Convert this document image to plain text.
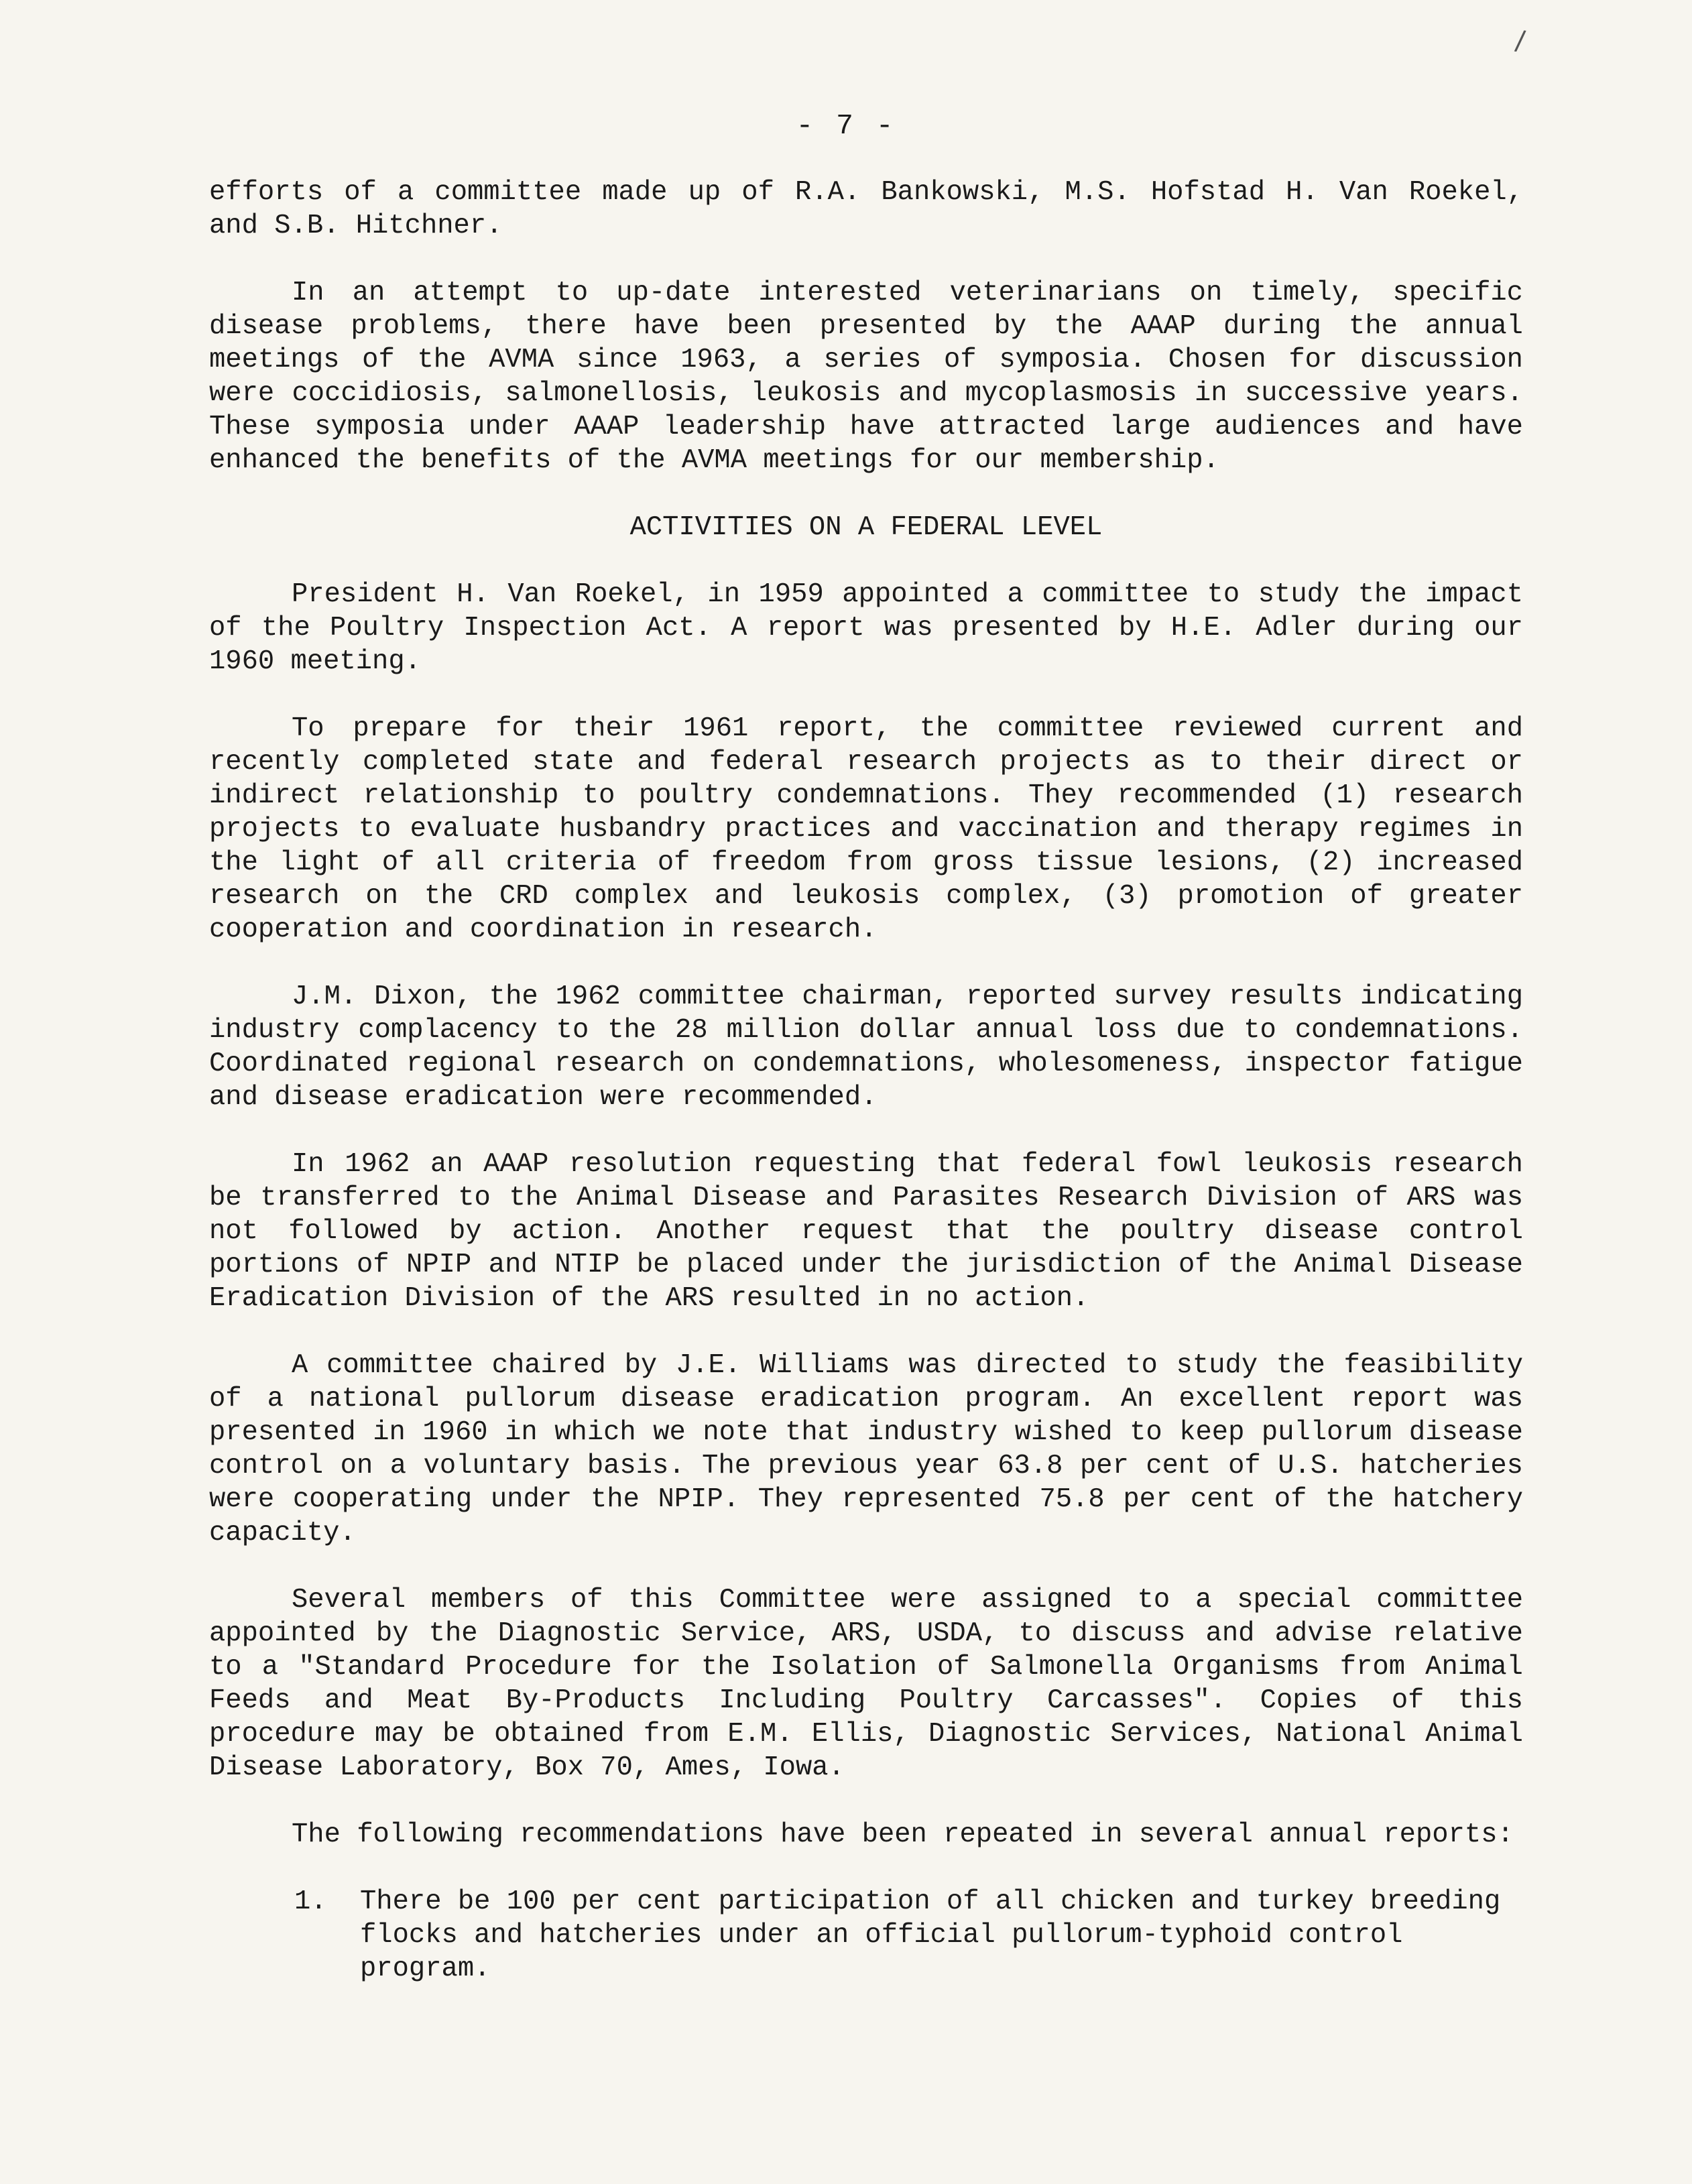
/
- 7 -

efforts of a committee made up of R.A. Bankowski, M.S. Hofstad H. Van Roekel, and S.B. Hitchner.

In an attempt to up-date interested veterinarians on timely, specific disease problems, there have been presented by the AAAP during the annual meetings of the AVMA since 1963, a series of symposia. Chosen for discussion were coccidiosis, salmonellosis, leukosis and mycoplasmosis in successive years. These symposia under AAAP leadership have attracted large audiences and have enhanced the benefits of the AVMA meetings for our membership.

ACTIVITIES ON A FEDERAL LEVEL

President H. Van Roekel, in 1959 appointed a committee to study the impact of the Poultry Inspection Act. A report was presented by H.E. Adler during our 1960 meeting.

To prepare for their 1961 report, the committee reviewed current and recently completed state and federal research projects as to their direct or indirect relationship to poultry condemnations. They recommended (1) research projects to evaluate husbandry practices and vaccination and therapy regimes in the light of all criteria of freedom from gross tissue lesions, (2) increased research on the CRD complex and leukosis complex, (3) promotion of greater cooperation and coordination in research.

J.M. Dixon, the 1962 committee chairman, reported survey results indicating industry complacency to the 28 million dollar annual loss due to condemnations. Coordinated regional research on condemnations, wholesomeness, inspector fatigue and disease eradication were recommended.

In 1962 an AAAP resolution requesting that federal fowl leukosis research be transferred to the Animal Disease and Parasites Research Division of ARS was not followed by action. Another request that the poultry disease control portions of NPIP and NTIP be placed under the jurisdiction of the Animal Disease Eradication Division of the ARS resulted in no action.

A committee chaired by J.E. Williams was directed to study the feasibility of a national pullorum disease eradication program. An excellent report was presented in 1960 in which we note that industry wished to keep pullorum disease control on a voluntary basis. The previous year 63.8 per cent of U.S. hatcheries were cooperating under the NPIP. They represented 75.8 per cent of the hatchery capacity.

Several members of this Committee were assigned to a special committee appointed by the Diagnostic Service, ARS, USDA, to discuss and advise relative to a "Standard Procedure for the Isolation of Salmonella Organisms from Animal Feeds and Meat By-Products Including Poultry Carcasses". Copies of this procedure may be obtained from E.M. Ellis, Diagnostic Services, National Animal Disease Laboratory, Box 70, Ames, Iowa.

The following recommendations have been repeated in several annual reports:

1. There be 100 per cent participation of all chicken and turkey breeding flocks and hatcheries under an official pullorum-typhoid control program.
